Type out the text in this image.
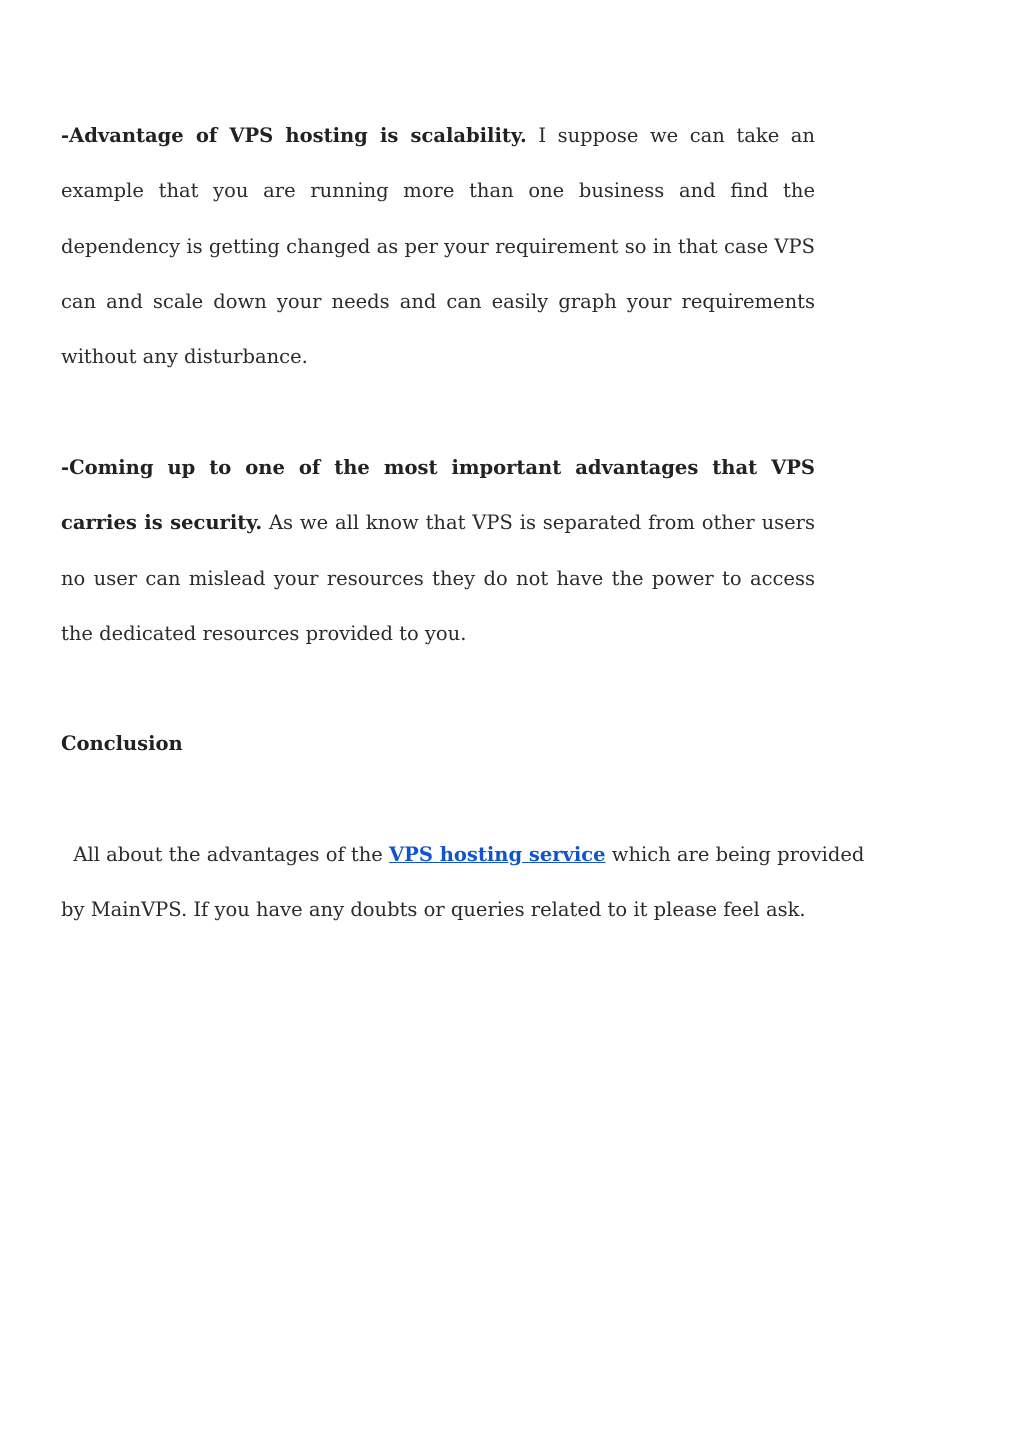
-Advantage of VPS hosting is scalability. I suppose we can take an example that you are running more than one business and find the dependency is getting changed as per your requirement so in that case VPS can and scale down your needs and can easily graph your requirements without any disturbance.

-Coming up to one of the most important advantages that VPS carries is security. As we all know that VPS is separated from other users no user can mislead your resources they do not have the power to access the dedicated resources provided to you.

Conclusion

All about the advantages of the VPS hosting service which are being provided by MainVPS. If you have any doubts or queries related to it please feel ask.
